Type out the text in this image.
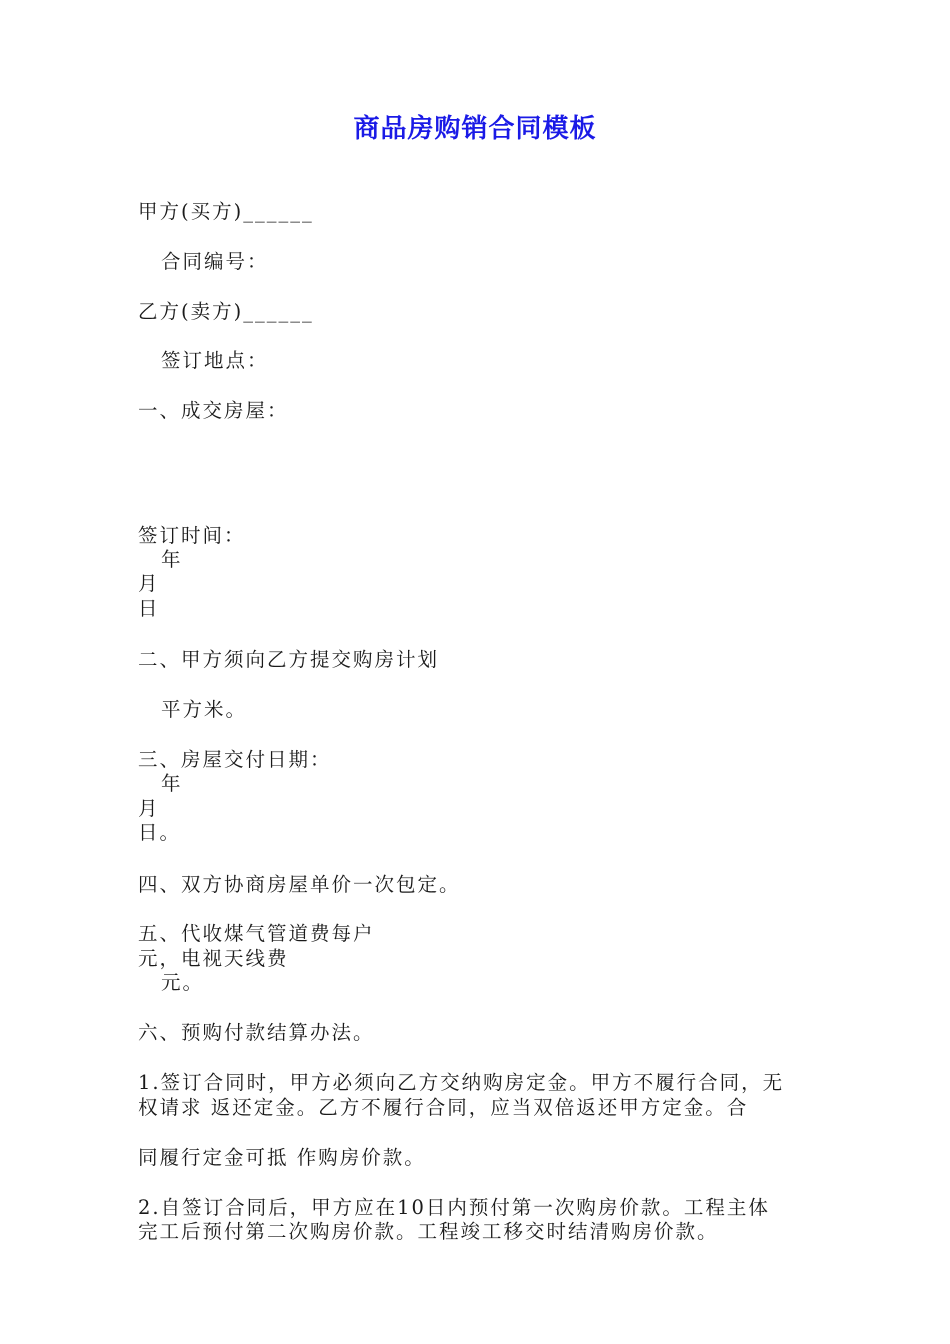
商品房购销合同模板
甲方(买方)______
合同编号：
乙方(卖方)______
签订地点：
一、成交房屋：
签订时间：
年
月
日
二、甲方须向乙方提交购房计划
平方米。
三、房屋交付日期：
年
月
日。
四、双方协商房屋单价一次包定。
五、代收煤气管道费每户
元，电视天线费
元。
六、预购付款结算办法。
1.签订合同时，甲方必须向乙方交纳购房定金。甲方不履行合同，无
权请求 返还定金。乙方不履行合同，应当双倍返还甲方定金。合
同履行定金可抵 作购房价款。
2.自签订合同后，甲方应在10日内预付第一次购房价款。工程主体
完工后预付第二次购房价款。工程竣工移交时结清购房价款。
